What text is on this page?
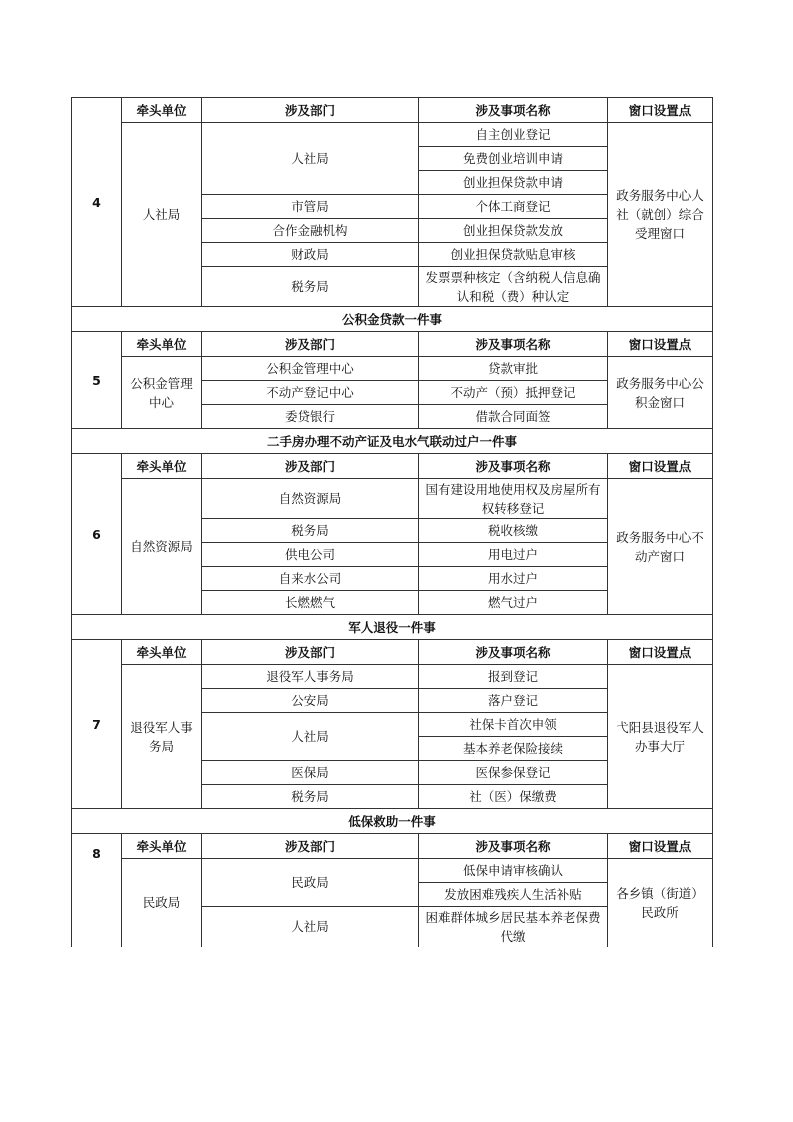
4	牵头单位	涉及部门	涉及事项名称	窗口设置点
	人社局	人社局	自主创业登记	政务服务中心人社（就创）综合受理窗口
			免费创业培训申请	
			创业担保贷款申请	
		市管局	个体工商登记	
		合作金融机构	创业担保贷款发放	
		财政局	创业担保贷款贴息审核	
		税务局	发票票种核定（含纳税人信息确认和税（费）种认定	
公积金贷款一件事				
5	牵头单位	涉及部门	涉及事项名称	窗口设置点
	公积金管理中心	公积金管理中心	贷款审批	政务服务中心公积金窗口
		不动产登记中心	不动产（预）抵押登记	
		委贷银行	借款合同面签	
二手房办理不动产证及电水气联动过户一件事				
6	牵头单位	涉及部门	涉及事项名称	窗口设置点
	自然资源局	自然资源局	国有建设用地使用权及房屋所有权转移登记	政务服务中心不动产窗口
		税务局	税收核缴	
		供电公司	用电过户	
		自来水公司	用水过户	
		长燃燃气	燃气过户	
军人退役一件事				
7	牵头单位	涉及部门	涉及事项名称	窗口设置点
	退役军人事务局	退役军人事务局	报到登记	弋阳县退役军人办事大厅
		公安局	落户登记	
		人社局	社保卡首次申领	
			基本养老保险接续	
		医保局	医保参保登记	
		税务局	社（医）保缴费	
低保救助一件事				
8	牵头单位	涉及部门	涉及事项名称	窗口设置点
	民政局	民政局	低保申请审核确认	各乡镇（街道）民政所
			发放困难残疾人生活补贴	
		人社局	困难群体城乡居民基本养老保费代缴	
